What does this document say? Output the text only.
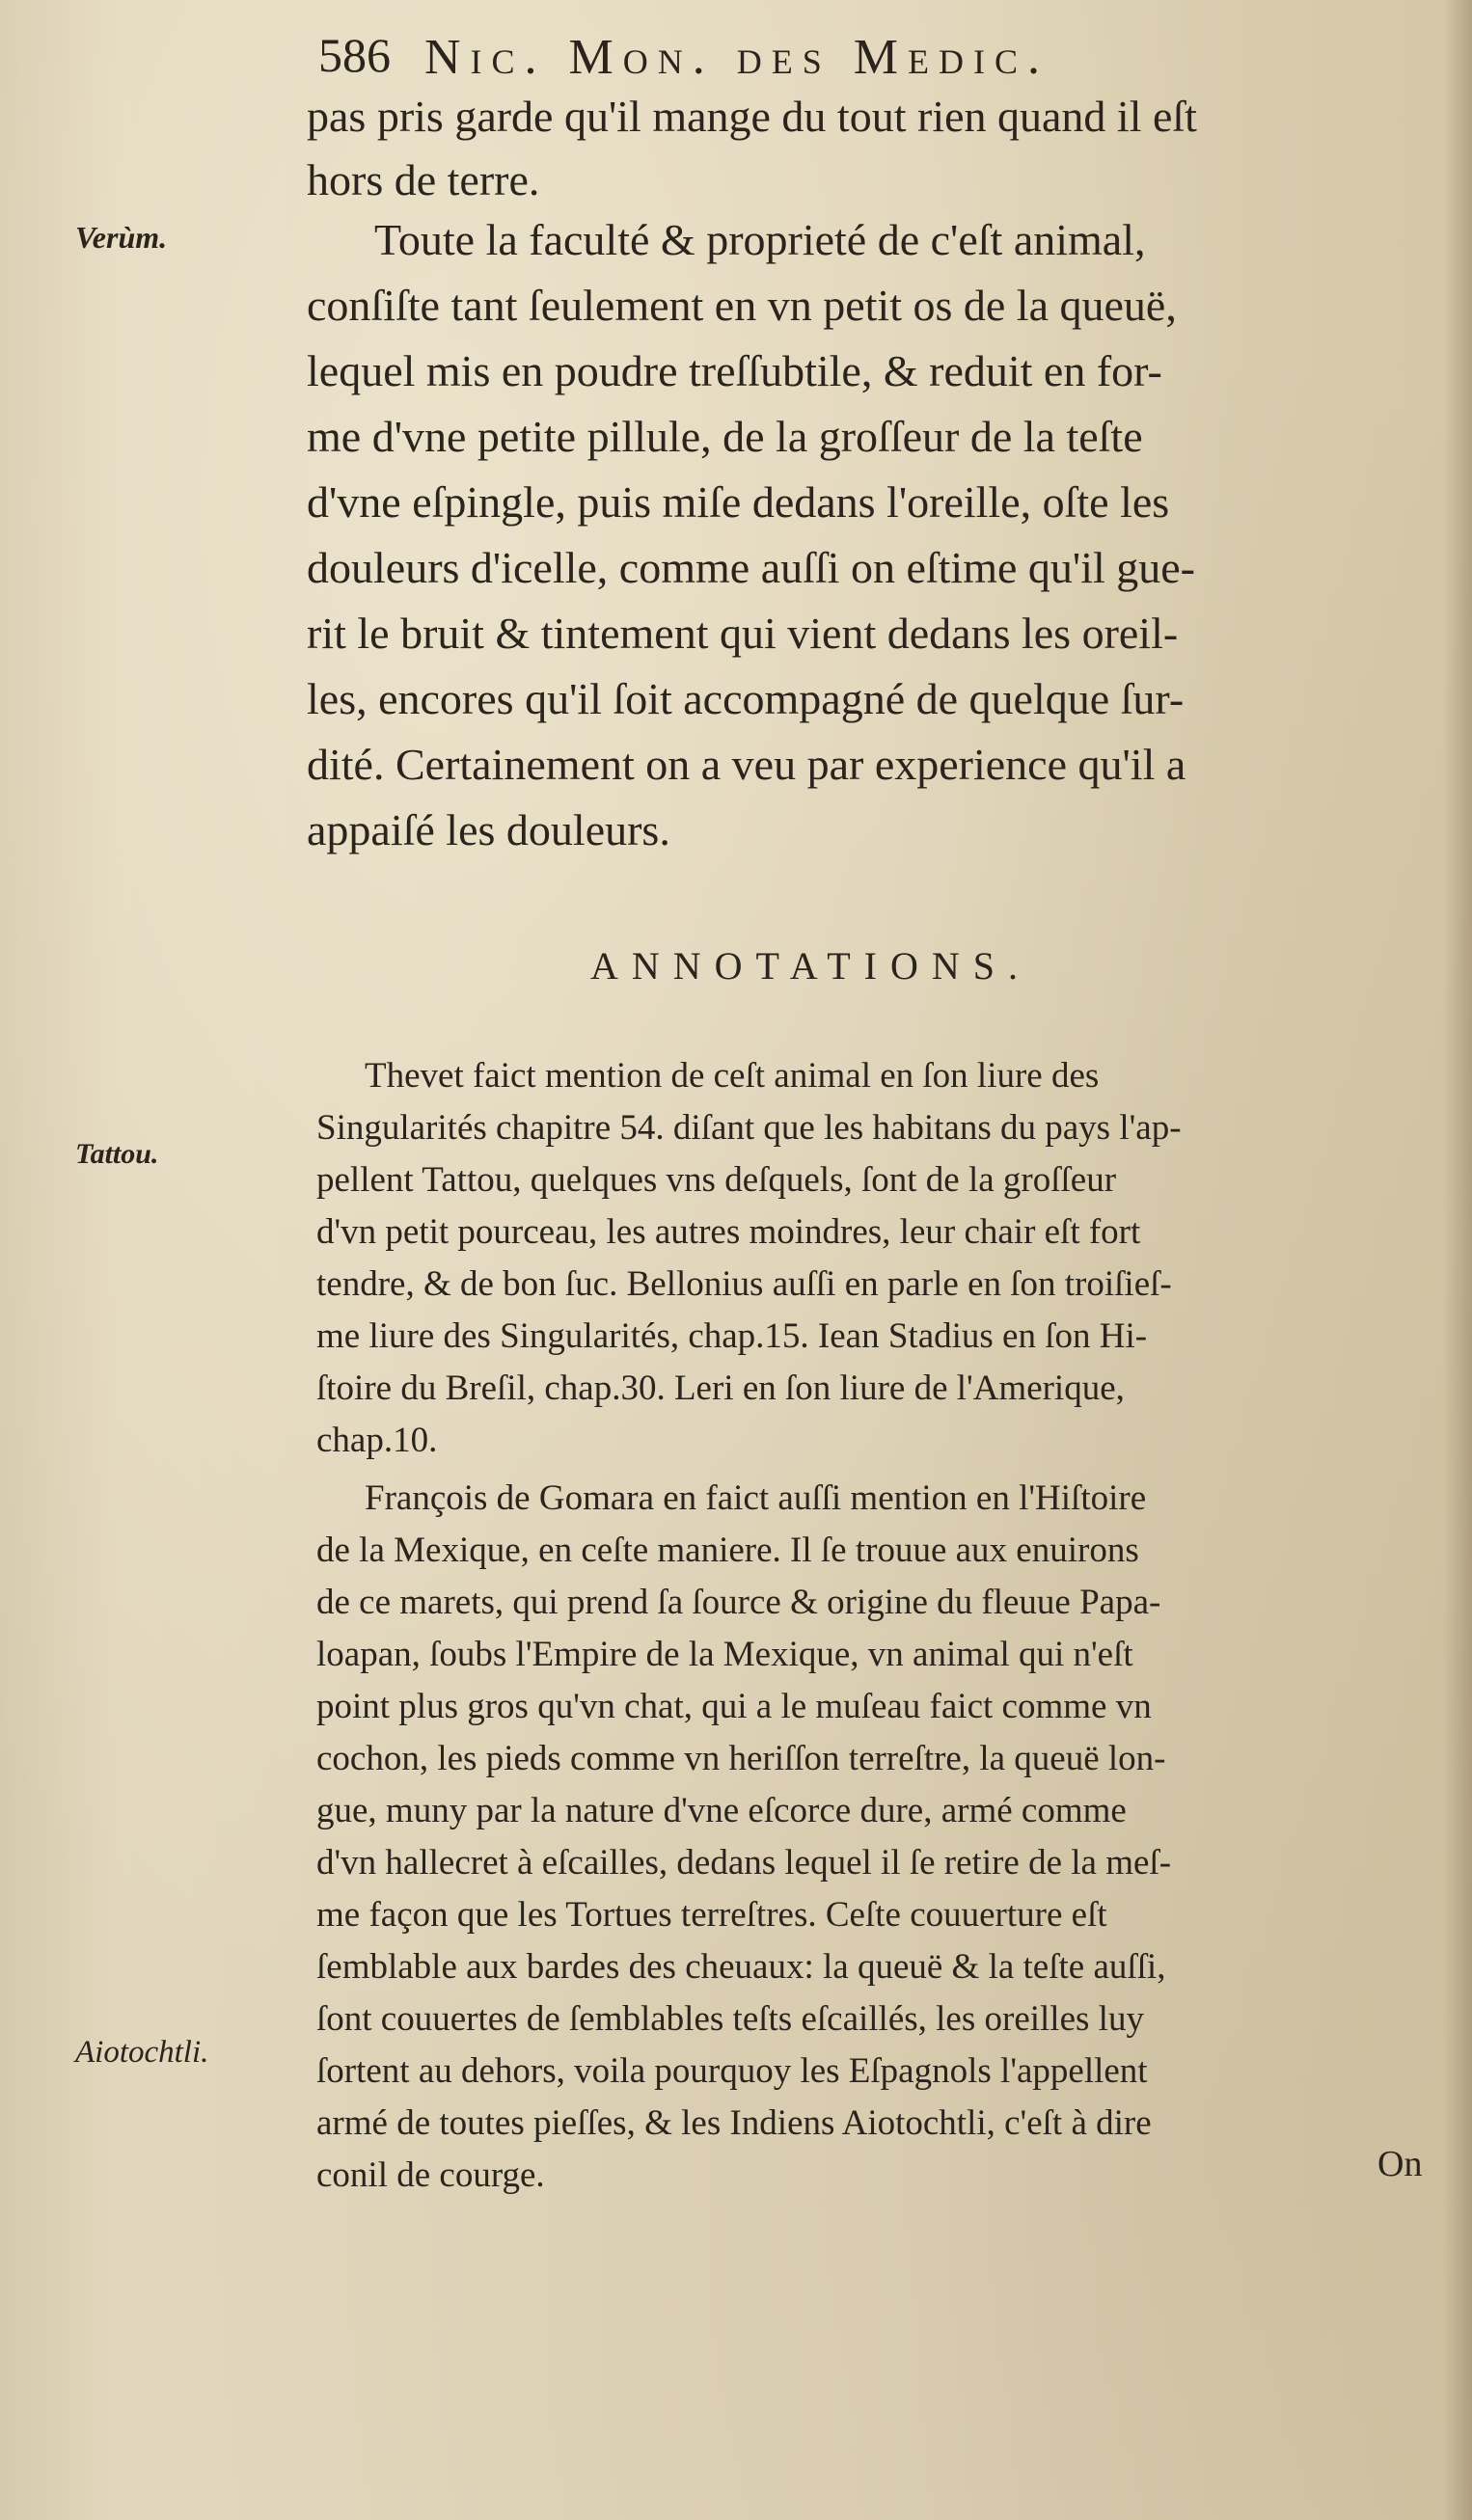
586 Nic. Mon. des Medic.
Verùm.
Tattou.
Aiotochtli.
pas pris garde qu'il mange du tout rien quand il eſt
hors de terre.
Toute la faculté & proprieté de c'eſt animal,
conſiſte tant ſeulement en vn petit os de la queuë,
lequel mis en poudre treſſubtile, & reduit en for-
me d'vne petite pillule, de la groſſeur de la teſte
d'vne eſpingle, puis miſe dedans l'oreille, oſte les
douleurs d'icelle, comme auſſi on eſtime qu'il gue-
rit le bruit & tintement qui vient dedans les oreil-
les, encores qu'il ſoit accompagné de quelque ſur-
dité. Certainement on a veu par experience qu'il a
appaiſé les douleurs.
ANNOTATIONS.
Thevet faict mention de ceſt animal en ſon liure des
Singularités chapitre 54. diſant que les habitans du pays l'ap-
pellent Tattou, quelques vns deſquels, ſont de la groſſeur
d'vn petit pourceau, les autres moindres, leur chair eſt fort
tendre, & de bon ſuc. Bellonius auſſi en parle en ſon troiſieſ-
me liure des Singularités, chap.15. Iean Stadius en ſon Hi-
ſtoire du Breſil, chap.30. Leri en ſon liure de l'Amerique,
chap.10.
François de Gomara en faict auſſi mention en l'Hiſtoire
de la Mexique, en ceſte maniere. Il ſe trouue aux enuirons
de ce marets, qui prend ſa ſource & origine du fleuue Papa-
loapan, ſoubs l'Empire de la Mexique, vn animal qui n'eſt
point plus gros qu'vn chat, qui a le muſeau faict comme vn
cochon, les pieds comme vn heriſſon terreſtre, la queuë lon-
gue, muny par la nature d'vne eſcorce dure, armé comme
d'vn hallecret à eſcailles, dedans lequel il ſe retire de la meſ-
me façon que les Tortues terreſtres. Ceſte couuerture eſt
ſemblable aux bardes des cheuaux: la queuë & la teſte auſſi,
ſont couuertes de ſemblables teſts eſcaillés, les oreilles luy
ſortent au dehors, voila pourquoy les Eſpagnols l'appellent
armé de toutes pieſſes, & les Indiens Aiotochtli, c'eſt à dire
conil de courge.	On
